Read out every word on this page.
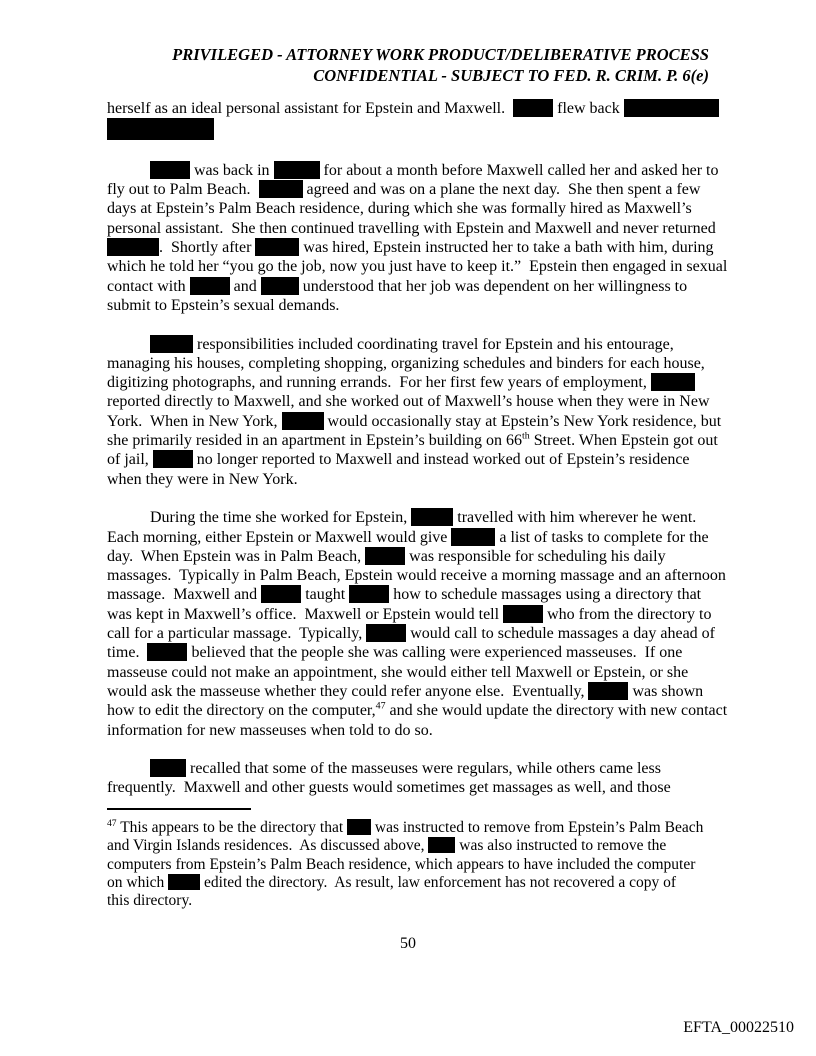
PRIVILEGED - ATTORNEY WORK PRODUCT/DELIBERATIVE PROCESS
CONFIDENTIAL - SUBJECT TO FED. R. CRIM. P. 6(e)
herself as an ideal personal assistant for Epstein and Maxwell.	flew back
was back in	for about a month before Maxwell called her and asked her to
fly out to Palm Beach.	agreed and was on a plane the next day.  She then spent a few
days at Epstein’s Palm Beach residence, during which she was formally hired as Maxwell’s
personal assistant.  She then continued travelling with Epstein and Maxwell and never returned
.  Shortly after	was hired, Epstein instructed her to take a bath with him, during
which he told her “you go the job, now you just have to keep it.”  Epstein then engaged in sexual
contact with	and  understood that her job was dependent on her willingness to
submit to Epstein’s sexual demands.
responsibilities included coordinating travel for Epstein and his entourage,
managing his houses, completing shopping, organizing schedules and binders for each house,
digitizing photographs, and running errands.  For her first few years of employment,
reported directly to Maxwell, and she worked out of Maxwell’s house when they were in New
York.  When in New York,	would occasionally stay at Epstein’s New York residence, but
she primarily resided in an apartment in Epstein’s building on 66th Street. When Epstein got out
of jail,	no longer reported to Maxwell and instead worked out of Epstein’s residence
when they were in New York.
During the time she worked for Epstein,	travelled with him wherever he went.
Each morning, either Epstein or Maxwell would give	a list of tasks to complete for the
day.  When Epstein was in Palm Beach,	was responsible for scheduling his daily
massages.  Typically in Palm Beach, Epstein would receive a morning massage and an afternoon
massage.  Maxwell and	taught	how to schedule massages using a directory that
was kept in Maxwell’s office.  Maxwell or Epstein would tell	who from the directory to
call for a particular massage.  Typically,	would call to schedule massages a day ahead of
time.	believed that the people she was calling were experienced masseuses.  If one
masseuse could not make an appointment, she would either tell Maxwell or Epstein, or she
would ask the masseuse whether they could refer anyone else.  Eventually,	was shown
how to edit the directory on the computer,$^{47}$ and she would update the directory with new contact
information for new masseuses when told to do so.
recalled that some of the masseuses were regulars, while others came less
frequently.  Maxwell and other guests would sometimes get massages as well, and those
$^{47}$ This appears to be the directory that  was instructed to remove from Epstein’s Palm Beach
and Virgin Islands residences.  As discussed above,  was also instructed to remove the
computers from Epstein’s Palm Beach residence, which appears to have included the computer
on which  edited the directory.  As result, law enforcement has not recovered a copy of
this directory.
50
EFTA_00022510
